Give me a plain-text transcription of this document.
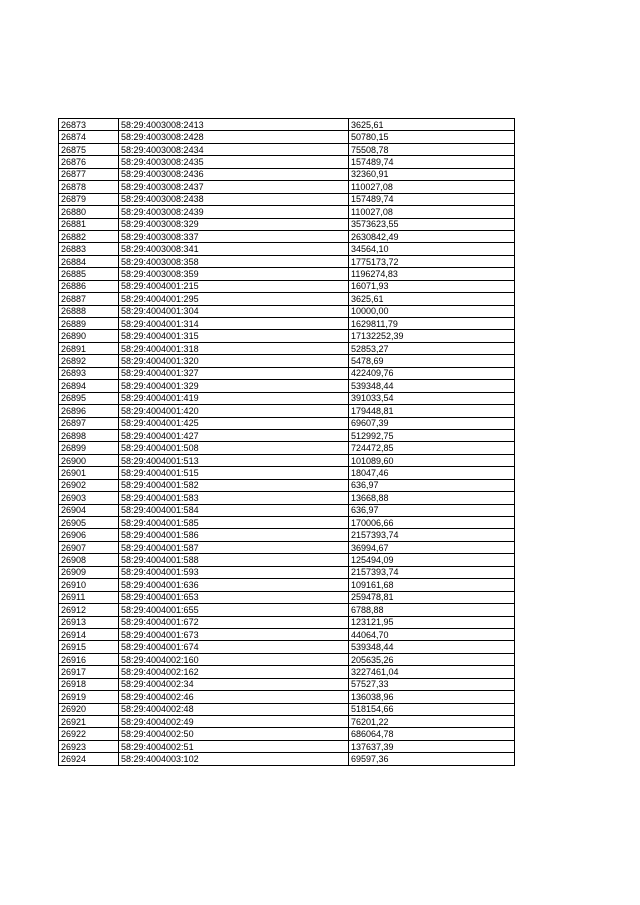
26873	58:29:4003008:2413	3625,61
26874	58:29:4003008:2428	50780,15
26875	58:29:4003008:2434	75508,78
26876	58:29:4003008:2435	157489,74
26877	58:29:4003008:2436	32360,91
26878	58:29:4003008:2437	110027,08
26879	58:29:4003008:2438	157489,74
26880	58:29:4003008:2439	110027,08
26881	58:29:4003008:329	3573623,55
26882	58:29:4003008:337	2630842,49
26883	58:29:4003008:341	34564,10
26884	58:29:4003008:358	1775173,72
26885	58:29:4003008:359	1196274,83
26886	58:29:4004001:215	16071,93
26887	58:29:4004001:295	3625,61
26888	58:29:4004001:304	10000,00
26889	58:29:4004001:314	1629811,79
26890	58:29:4004001:315	17132252,39
26891	58:29:4004001:318	52853,27
26892	58:29:4004001:320	5478,69
26893	58:29:4004001:327	422409,76
26894	58:29:4004001:329	539348,44
26895	58:29:4004001:419	391033,54
26896	58:29:4004001:420	179448,81
26897	58:29:4004001:425	69607,39
26898	58:29:4004001:427	512992,75
26899	58:29:4004001:508	724472,85
26900	58:29:4004001:513	101089,60
26901	58:29:4004001:515	18047,46
26902	58:29:4004001:582	636,97
26903	58:29:4004001:583	13668,88
26904	58:29:4004001:584	636,97
26905	58:29:4004001:585	170006,66
26906	58:29:4004001:586	2157393,74
26907	58:29:4004001:587	36994,67
26908	58:29:4004001:588	125494,09
26909	58:29:4004001:593	2157393,74
26910	58:29:4004001:636	109161,68
26911	58:29:4004001:653	259478,81
26912	58:29:4004001:655	6788,88
26913	58:29:4004001:672	123121,95
26914	58:29:4004001:673	44064,70
26915	58:29:4004001:674	539348,44
26916	58:29:4004002:160	205635,26
26917	58:29:4004002:162	3227461,04
26918	58:29:4004002:34	57527,33
26919	58:29:4004002:46	136038,96
26920	58:29:4004002:48	518154,66
26921	58:29:4004002:49	76201,22
26922	58:29:4004002:50	686064,78
26923	58:29:4004002:51	137637,39
26924	58:29:4004003:102	69597,36
